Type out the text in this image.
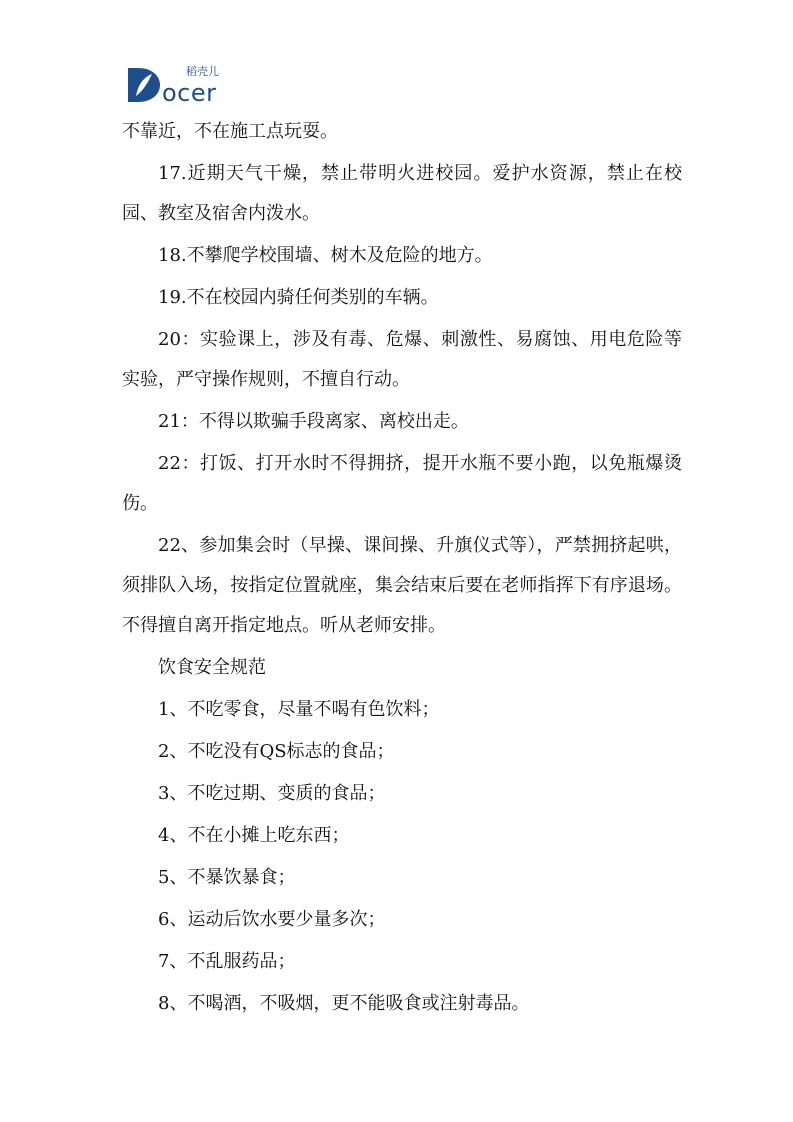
稻壳儿
ocer

不靠近，不在施工点玩耍。

17.近期天气干燥，禁止带明火进校园。爱护水资源，禁止在校园、教室及宿舍内泼水。

18.不攀爬学校围墙、树木及危险的地方。

19.不在校园内骑任何类别的车辆。

20：实验课上，涉及有毒、危爆、刺激性、易腐蚀、用电危险等实验，严守操作规则，不擅自行动。

21：不得以欺骗手段离家、离校出走。

22：打饭、打开水时不得拥挤，提开水瓶不要小跑，以免瓶爆烫伤。

22、参加集会时（早操、课间操、升旗仪式等），严禁拥挤起哄，须排队入场，按指定位置就座，集会结束后要在老师指挥下有序退场。不得擅自离开指定地点。听从老师安排。

饮食安全规范

1、不吃零食，尽量不喝有色饮料；

2、不吃没有QS标志的食品；

3、不吃过期、变质的食品；

4、不在小摊上吃东西；

5、不暴饮暴食；

6、运动后饮水要少量多次；

7、不乱服药品；

8、不喝酒，不吸烟，更不能吸食或注射毒品。
